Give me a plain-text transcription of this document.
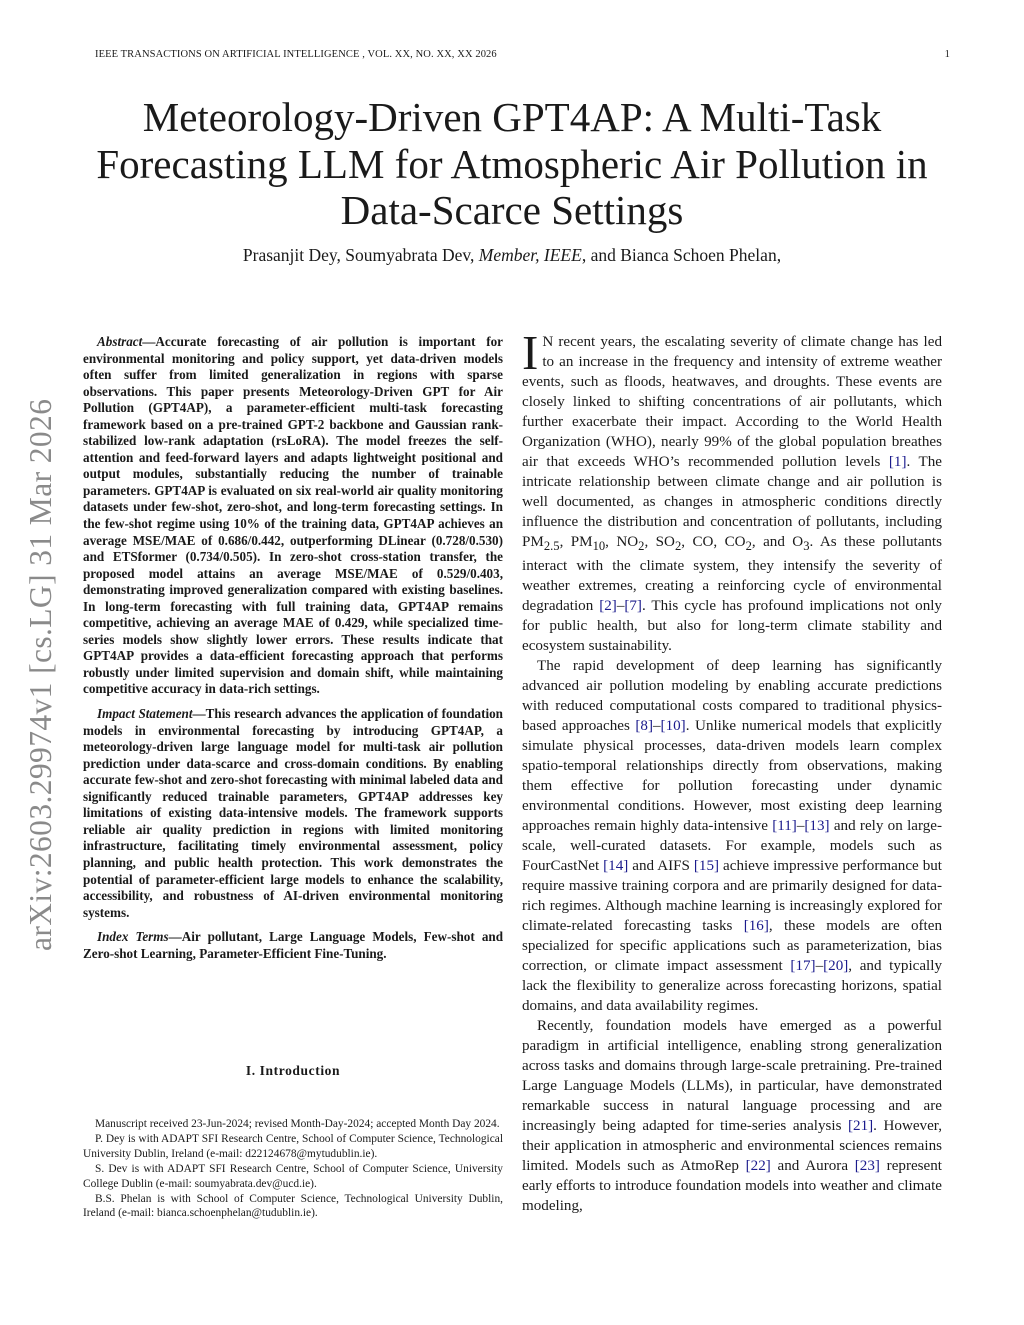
IEEE TRANSACTIONS ON ARTIFICIAL INTELLIGENCE , VOL. XX, NO. XX, XX 2026	1
arXiv:2603.29974v1 [cs.LG] 31 Mar 2026
Meteorology-Driven GPT4AP: A Multi-Task Forecasting LLM for Atmospheric Air Pollution in Data-Scarce Settings
Prasanjit Dey, Soumyabrata Dev, Member, IEEE, and Bianca Schoen Phelan,

Abstract—Accurate forecasting of air pollution is important for environmental monitoring and policy support, yet data-driven models often suffer from limited generalization in regions with sparse observations. This paper presents Meteorology-Driven GPT for Air Pollution (GPT4AP), a parameter-efficient multi-task forecasting framework based on a pre-trained GPT-2 backbone and Gaussian rank-stabilized low-rank adaptation (rsLoRA). The model freezes the self-attention and feed-forward layers and adapts lightweight positional and output modules, substantially reducing the number of trainable parameters. GPT4AP is evaluated on six real-world air quality monitoring datasets under few-shot, zero-shot, and long-term forecasting settings. In the few-shot regime using 10% of the training data, GPT4AP achieves an average MSE/MAE of 0.686/0.442, outperforming DLinear (0.728/0.530) and ETSformer (0.734/0.505). In zero-shot cross-station transfer, the proposed model attains an average MSE/MAE of 0.529/0.403, demonstrating improved generalization compared with existing baselines. In long-term forecasting with full training data, GPT4AP remains competitive, achieving an average MAE of 0.429, while specialized time-series models show slightly lower errors. These results indicate that GPT4AP provides a data-efficient forecasting approach that performs robustly under limited supervision and domain shift, while maintaining competitive accuracy in data-rich settings.

Impact Statement—This research advances the application of foundation models in environmental forecasting by introducing GPT4AP, a meteorology-driven large language model for multi-task air pollution prediction under data-scarce and cross-domain conditions. By enabling accurate few-shot and zero-shot forecasting with minimal labeled data and significantly reduced trainable parameters, GPT4AP addresses key limitations of existing data-intensive models. The framework supports reliable air quality prediction in regions with limited monitoring infrastructure, facilitating timely environmental assessment, policy planning, and public health protection. This work demonstrates the potential of parameter-efficient large models to enhance the scalability, accessibility, and robustness of AI-driven environmental monitoring systems.

Index Terms—Air pollutant, Large Language Models, Few-shot and Zero-shot Learning, Parameter-Efficient Fine-Tuning.

I. Introduction

Manuscript received 23-Jun-2024; revised Month-Day-2024; accepted Month Day 2024.

P. Dey is with ADAPT SFI Research Centre, School of Computer Science, Technological University Dublin, Ireland (e-mail: d22124678@mytudublin.ie).

S. Dev is with ADAPT SFI Research Centre, School of Computer Science, University College Dublin (e-mail: soumyabrata.dev@ucd.ie).

B.S. Phelan is with School of Computer Science, Technological University Dublin, Ireland (e-mail: bianca.schoenphelan@tudublin.ie).

I N recent years, the escalating severity of climate change has led to an increase in the frequency and intensity of extreme weather events, such as floods, heatwaves, and droughts. These events are closely linked to shifting concentrations of air pollutants, which further exacerbate their impact. According to the World Health Organization (WHO), nearly 99% of the global population breathes air that exceeds WHO’s recommended pollution levels [1]. The intricate relationship between climate change and air pollution is well documented, as changes in atmospheric conditions directly influence the distribution and concentration of pollutants, including $PM_{2.5}$, $PM_{10}$, $NO_2$, $SO_2$, CO, $CO_2$, and $O_3$. As these pollutants interact with the climate system, they intensify the severity of weather extremes, creating a reinforcing cycle of environmental degradation [2]–[7]. This cycle has profound implications not only for public health, but also for long-term climate stability and ecosystem sustainability.

The rapid development of deep learning has significantly advanced air pollution modeling by enabling accurate predictions with reduced computational costs compared to traditional physics-based approaches [8]–[10]. Unlike numerical models that explicitly simulate physical processes, data-driven models learn complex spatio-temporal relationships directly from observations, making them effective for pollution forecasting under dynamic environmental conditions. However, most existing deep learning approaches remain highly data-intensive [11]–[13] and rely on large-scale, well-curated datasets. For example, models such as FourCastNet [14] and AIFS [15] achieve impressive performance but require massive training corpora and are primarily designed for data-rich regimes. Although machine learning is increasingly explored for climate-related forecasting tasks [16], these models are often specialized for specific applications such as parameterization, bias correction, or climate impact assessment [17]–[20], and typically lack the flexibility to generalize across forecasting horizons, spatial domains, and data availability regimes.

Recently, foundation models have emerged as a powerful paradigm in artificial intelligence, enabling strong generalization across tasks and domains through large-scale pretraining. Pre-trained Large Language Models (LLMs), in particular, have demonstrated remarkable success in natural language processing and are increasingly being adapted for time-series analysis [21]. However, their application in atmospheric and environmental sciences remains limited. Models such as AtmoRep [22] and Aurora [23] represent early efforts to introduce foundation models into weather and climate modeling,
